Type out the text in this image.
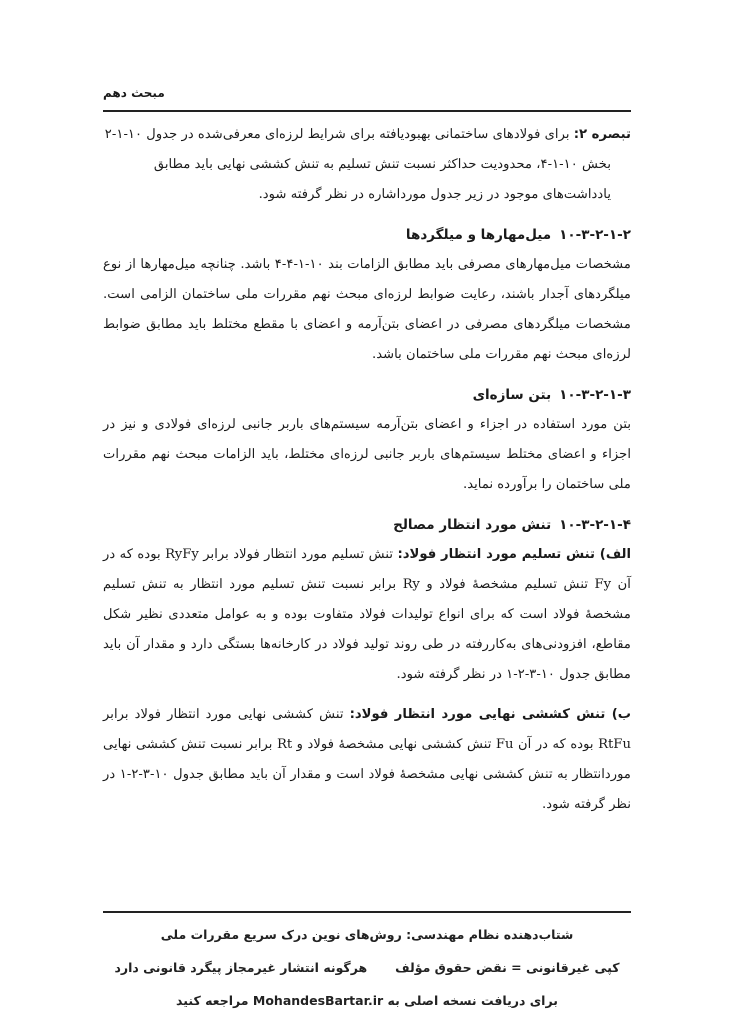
مبحث دهم

تبصره ۲: برای فولادهای ساختمانی بهبودیافته برای شرایط لرزه‌ای معرفی‌شده در جدول ۱۰-۱-۲

بخش ۱۰-۱-۴، محدودیت حداکثر نسبت تنش تسلیم به تنش کششی نهایی باید مطابق

یادداشت‌های موجود در زیر جدول مورداشاره در نظر گرفته شود.

۱۰-۳-۲-۱-۲میل‌مهارها و میلگردها

مشخصات میل‌مهارهای مصرفی باید مطابق الزامات بند ۱۰-۱-۴-۴ باشد. چنانچه میل‌مهارها از نوع میلگردهای آجدار باشند، رعایت ضوابط لرزه‌ای مبحث نهم مقررات ملی ساختمان الزامی است. مشخصات میلگردهای مصرفی در اعضای بتن‌آرمه و اعضای با مقطع مختلط باید مطابق ضوابط لرزه‌ای مبحث نهم مقررات ملی ساختمان باشد.

۱۰-۳-۲-۱-۳بتن سازه‌ای

بتن مورد استفاده در اجزاء و اعضای بتن‌آرمه سیستم‌های باربر جانبی لرزه‌ای فولادی و نیز در اجزاء و اعضای مختلط سیستم‌های باربر جانبی لرزه‌ای مختلط، باید الزامات مبحث نهم مقررات ملی ساختمان را برآورده نماید.

۱۰-۳-۲-۱-۴تنش مورد انتظار مصالح

الف) تنش تسلیم مورد انتظار فولاد: تنش تسلیم مورد انتظار فولاد برابر RyFy بوده که در آن Fy تنش تسلیم مشخصهٔ فولاد و Ry برابر نسبت تنش تسلیم مورد انتظار به تنش تسلیم مشخصهٔ فولاد است که برای انواع تولیدات فولاد متفاوت بوده و به عوامل متعددی نظیر شکل مقاطع، افزودنی‌های به‌کاررفته در طی روند تولید فولاد در کارخانه‌ها بستگی دارد و مقدار آن باید مطابق جدول ۱۰-۳-۲-۱ در نظر گرفته شود.

ب) تنش کششی نهایی مورد انتظار فولاد: تنش کششی نهایی مورد انتظار فولاد برابر RtFu بوده که در آن Fu تنش کششی نهایی مشخصهٔ فولاد و Rt برابر نسبت تنش کششی نهایی موردانتظار به تنش کششی نهایی مشخصهٔ فولاد است و مقدار آن باید مطابق جدول ۱۰-۳-۲-۱ در نظر گرفته شود.

شتاب‌دهنده نظام مهندسی: روش‌های نوین درک سریع مقررات ملی
کپی غیرقانونی = نقض حقوق مؤلفهرگونه انتشار غیرمجاز پیگرد قانونی دارد
برای دریافت نسخه اصلی به MohandesBartar.ir مراجعه کنید
